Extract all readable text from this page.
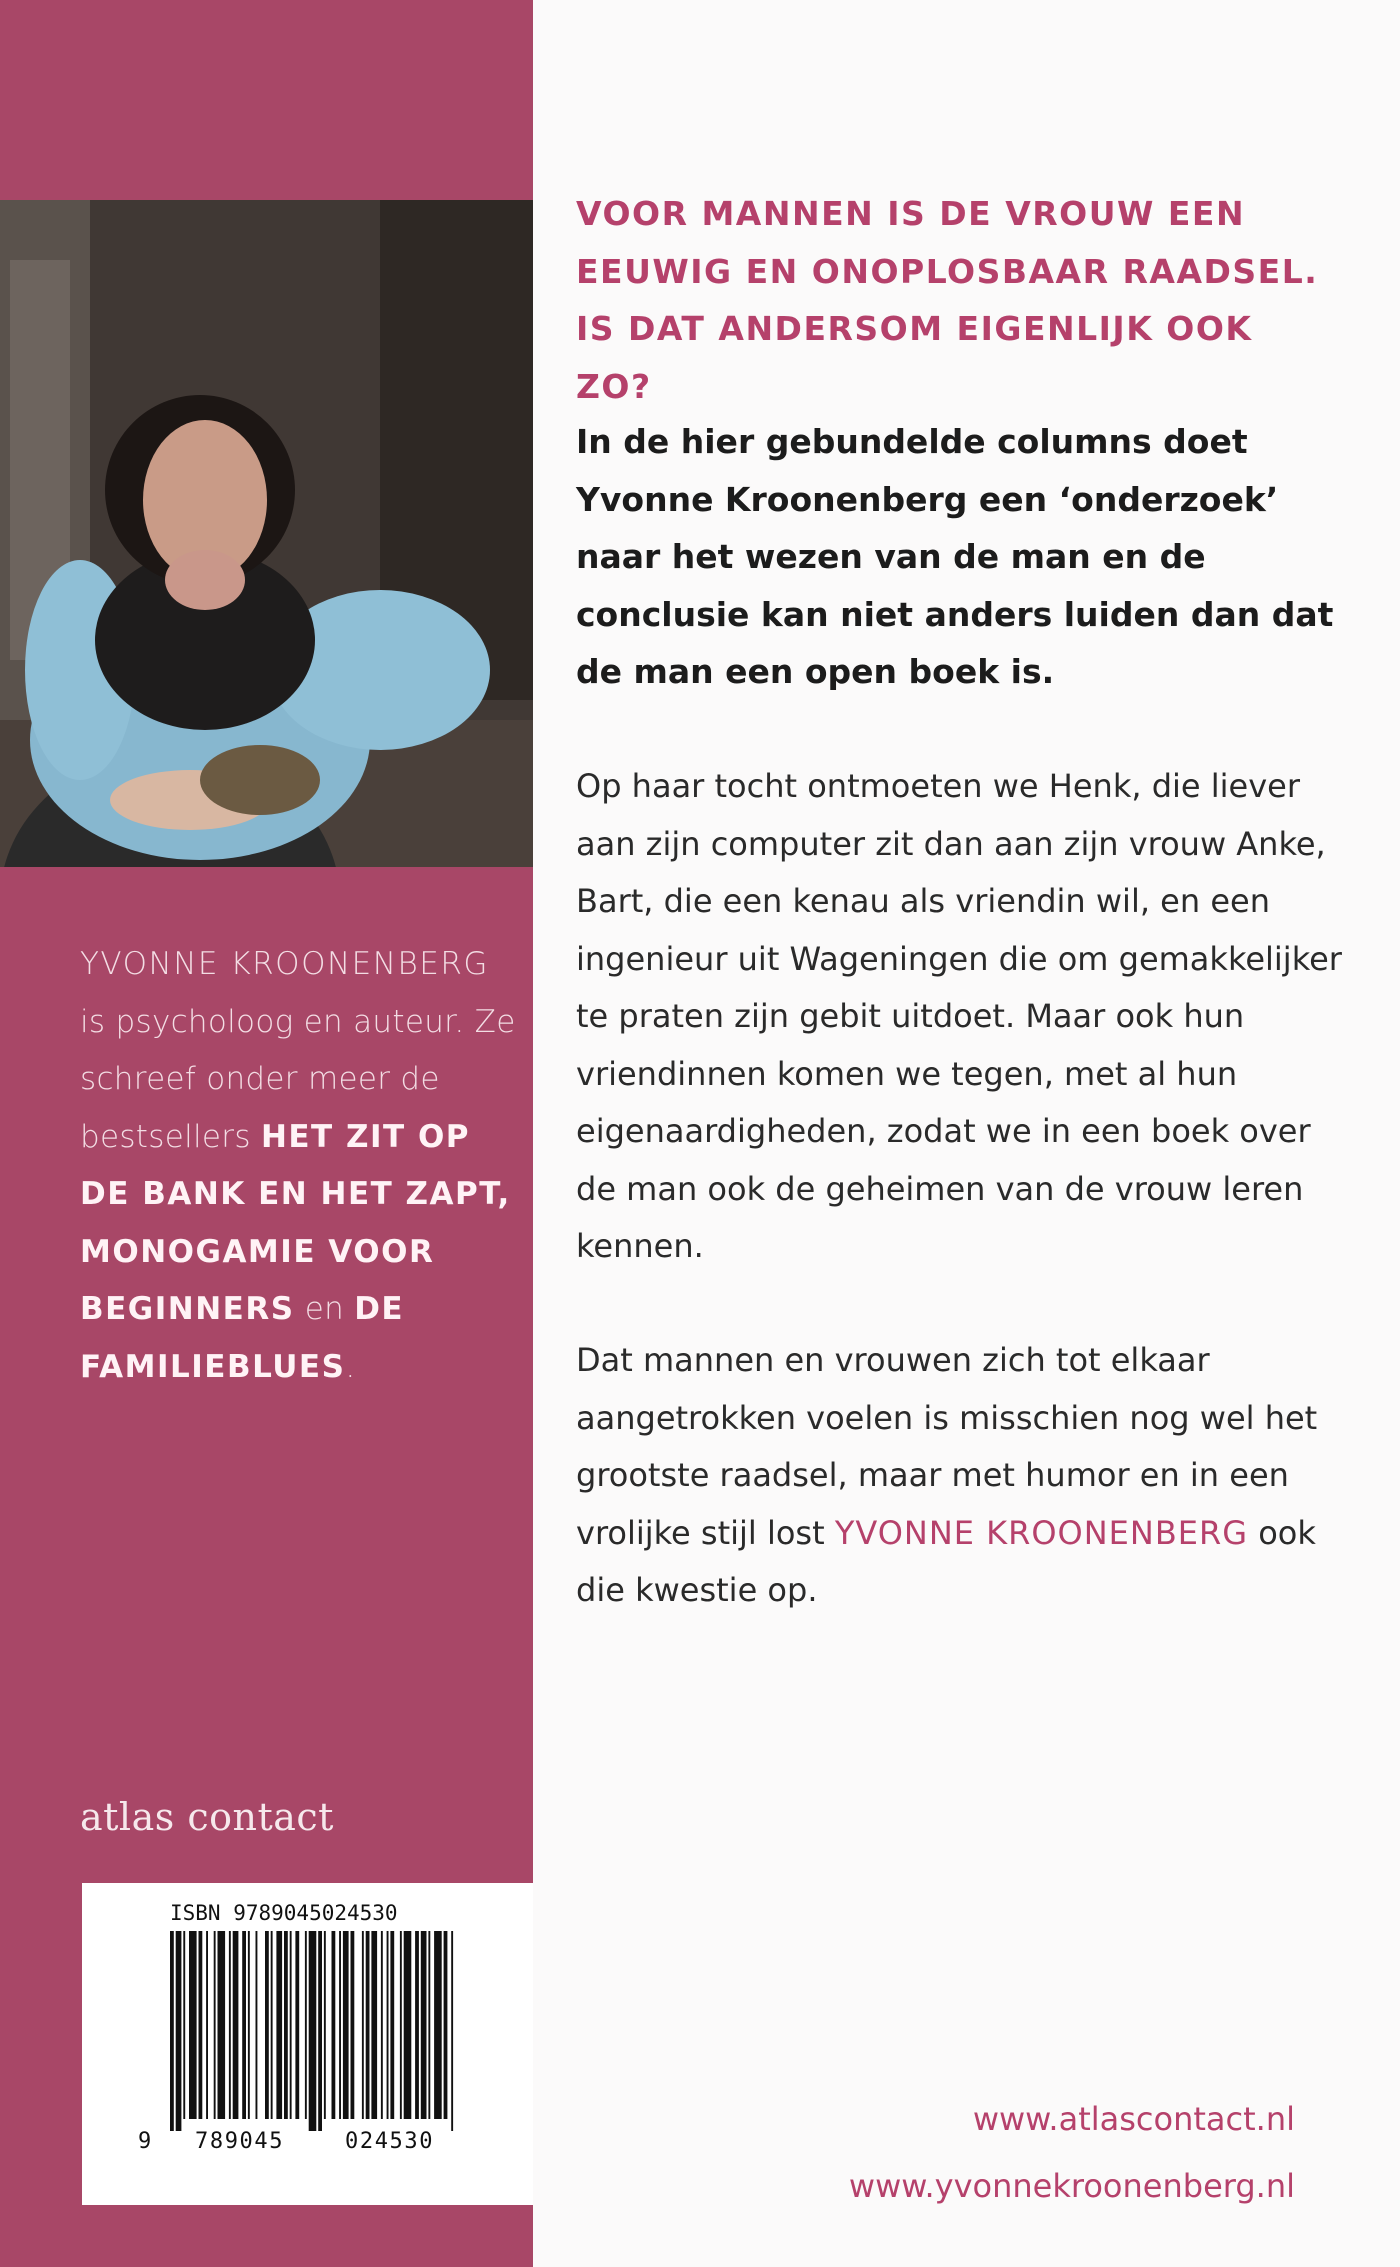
YVONNE KROONENBERG is psycholoog en auteur. Ze schreef onder meer de bestsellers HET ZIT OP DE BANK EN HET ZAPT, MONOGAMIE VOOR BEGINNERS en DE FAMILIEBLUES.
atlas contact
ISBN 9789045024530
9 789045	024530

VOOR MANNEN IS DE VROUW EEN EEUWIG EN ONOPLOSBAAR RAADSEL. IS DAT ANDERSOM EIGENLIJK OOK ZO?

In de hier gebundelde columns doet Yvonne Kroonenberg een ‘onderzoek’ naar het wezen van de man en de conclusie kan niet anders luiden dan dat de man een open boek is.

Op haar tocht ontmoeten we Henk, die liever aan zijn computer zit dan aan zijn vrouw Anke, Bart, die een kenau als vriendin wil, en een ingenieur uit Wageningen die om gemakkelijker te praten zijn gebit uitdoet. Maar ook hun vriendinnen komen we tegen, met al hun eigenaardigheden, zodat we in een boek over de man ook de geheimen van de vrouw leren kennen.

Dat mannen en vrouwen zich tot elkaar aangetrokken voelen is misschien nog wel het grootste raadsel, maar met humor en in een vrolijke stijl lost YVONNE KROONENBERG ook die kwestie op.

www.atlascontact.nl
www.yvonnekroonenberg.nl
